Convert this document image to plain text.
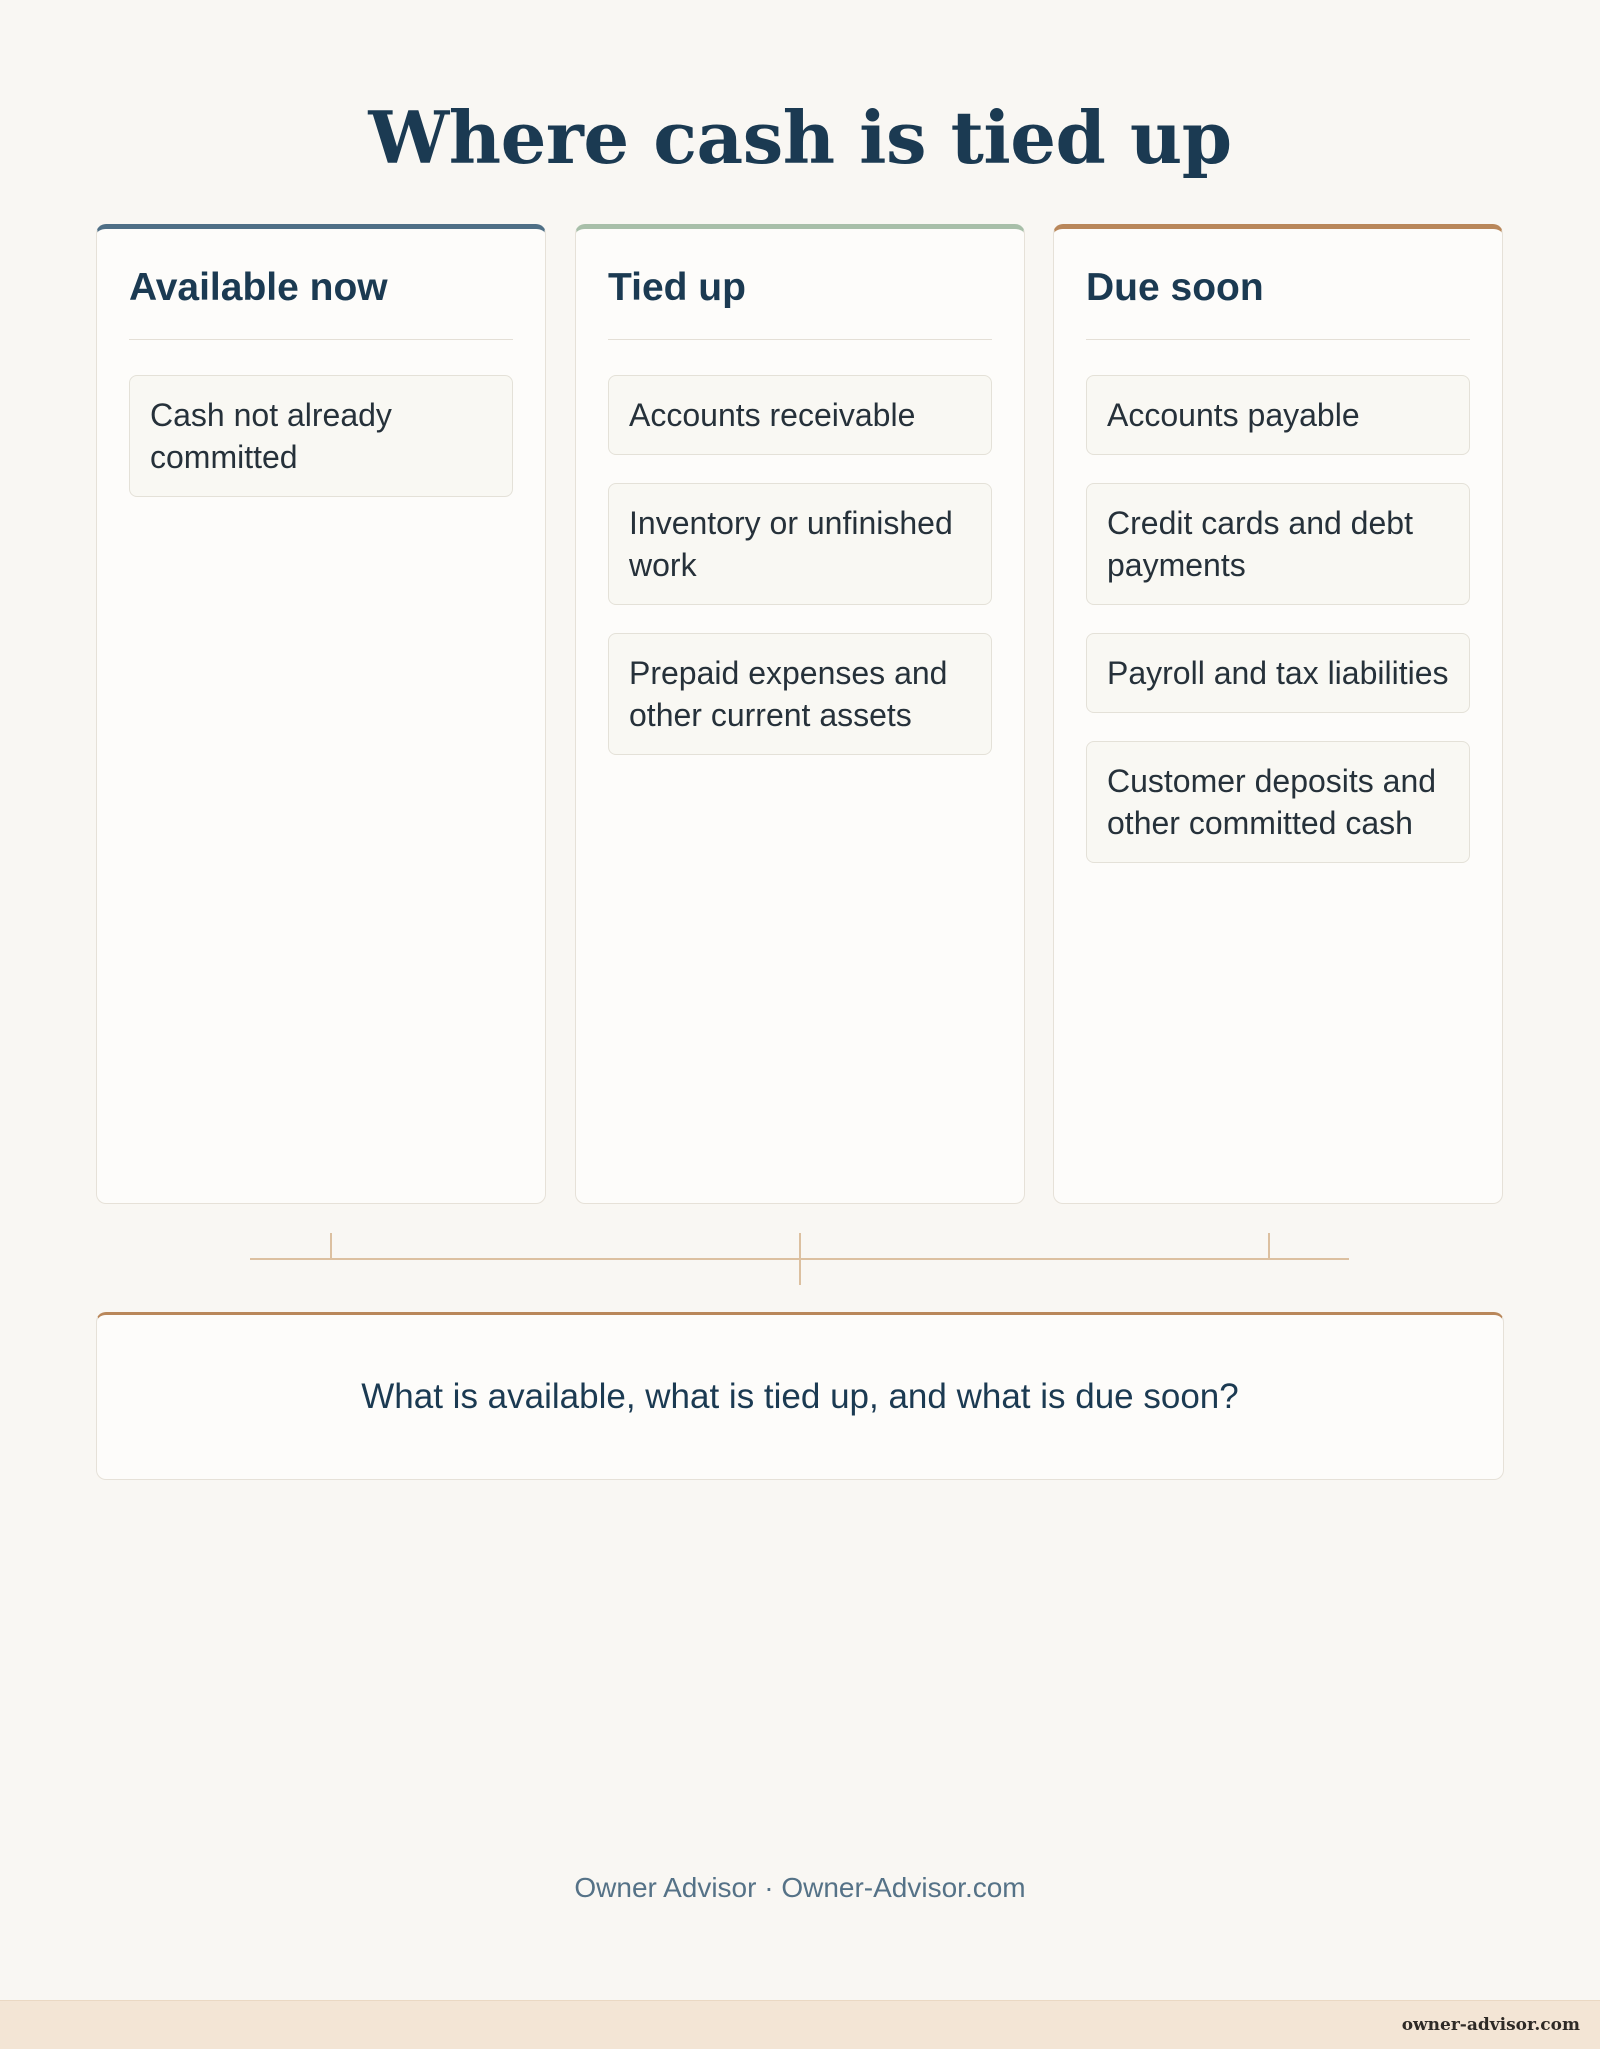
Where cash is tied up
Available now
Cash not already committed
Tied up
Accounts receivable
Inventory or unfinished work
Prepaid expenses and other current assets
Due soon
Accounts payable
Credit cards and debt payments
Payroll and tax liabilities
Customer deposits and other committed cash
What is available, what is tied up, and what is due soon?
Owner Advisor · Owner-Advisor.com
owner-advisor.com
